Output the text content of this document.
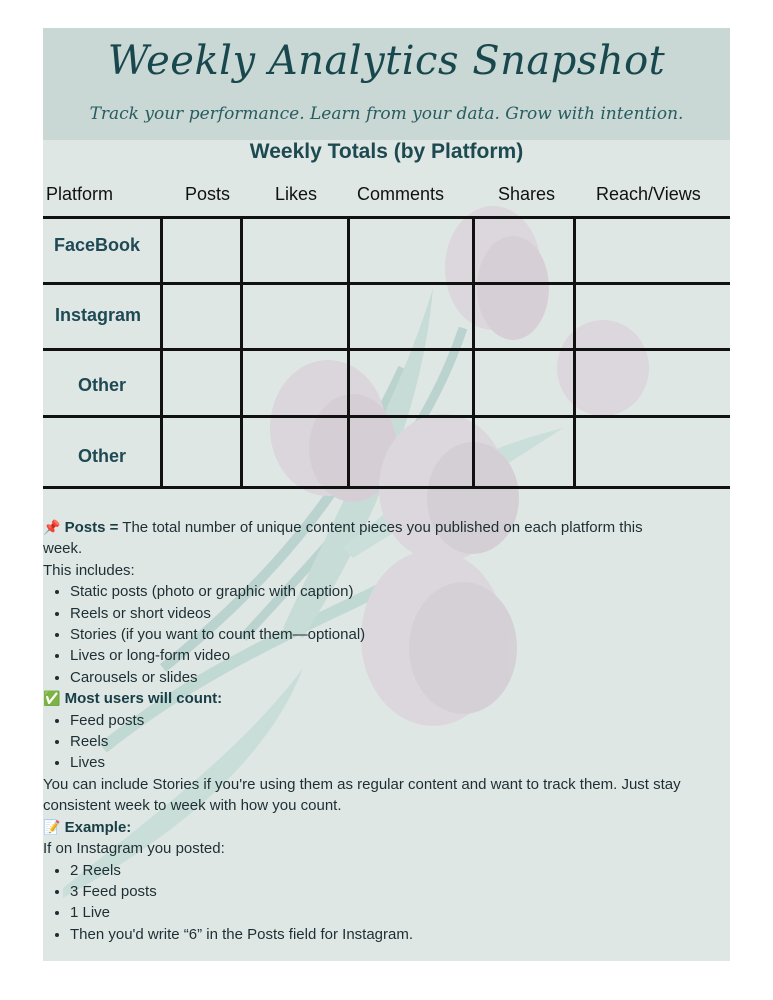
Weekly Analytics Snapshot
Track your performance. Learn from your data. Grow with intention.
Weekly Totals (by Platform)
Platform	Posts Likes Comments	Shares Reach/Views
FaceBook
Instagram
Other
Other

📌 Posts = The total number of unique content pieces you published on each platform this week.

This includes:

• Static posts (photo or graphic with caption)
• Reels or short videos
• Stories (if you want to count them—optional)
• Lives or long-form video
• Carousels or slides

✅ Most users will count:

• Feed posts
• Reels
• Lives

You can include Stories if you're using them as regular content and want to track them. Just stay consistent week to week with how you count.

📝 Example:

If on Instagram you posted:

• 2 Reels
• 3 Feed posts
• 1 Live
• Then you'd write “6” in the Posts field for Instagram.
